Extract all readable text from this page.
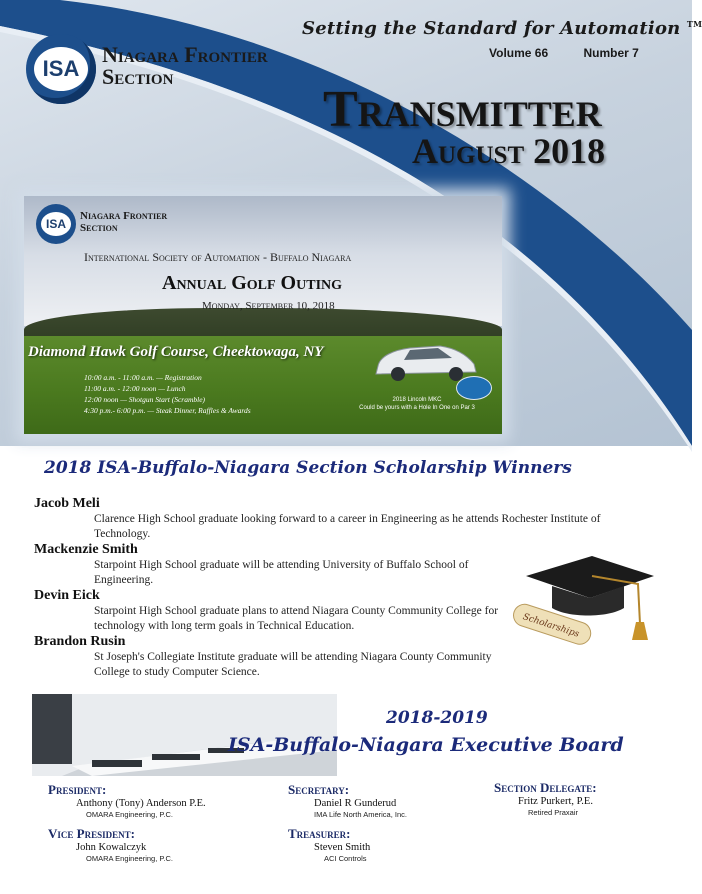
Setting the Standard for Automation ™
Volume 66	Number 7
ISA
Niagara Frontier
Section
Transmitter
August 2018
ISA
Niagara Frontier
Section
International Society of Automation - Buffalo Niagara
Annual Golf Outing
Monday, September 10, 2018
Diamond Hawk Golf Course, Cheektowaga, NY
10:00 a.m. - 11:00 a.m. — Registration
11:00 a.m. - 12:00 noon — Lunch
12:00 noon — Shotgun Start (Scramble)
4:30 p.m.- 6:00 p.m. — Steak Dinner, Raffles & Awards
2018 Lincoln MKC
Could be yours with a Hole In One on Par 3
2018 ISA-Buffalo-Niagara Section Scholarship Winners
Jacob Meli
Clarence High School graduate looking forward to a career in Engineering as he attends Rochester Institute of Technology.
Mackenzie Smith
Starpoint High School graduate will be attending University of Buffalo School of Engineering.
Devin Eick
Starpoint High School graduate plans to attend Niagara County Community College for technology with long term goals in Technical Education.
Brandon Rusin
St Joseph's Collegiate Institute graduate will be attending Niagara County Community College to study Computer Science.
Scholarships
2018-2019
ISA-Buffalo-Niagara Executive Board
President:
Anthony (Tony) Anderson P.E.
OMARA Engineering, P.C.
Secretary:
Daniel R Gunderud
IMA Life North America, Inc.
Section Delegate:
Fritz Purkert, P.E.
Retired Praxair
Vice President:
John Kowalczyk
OMARA Engineering, P.C.
Treasurer:
Steven Smith
ACI Controls
